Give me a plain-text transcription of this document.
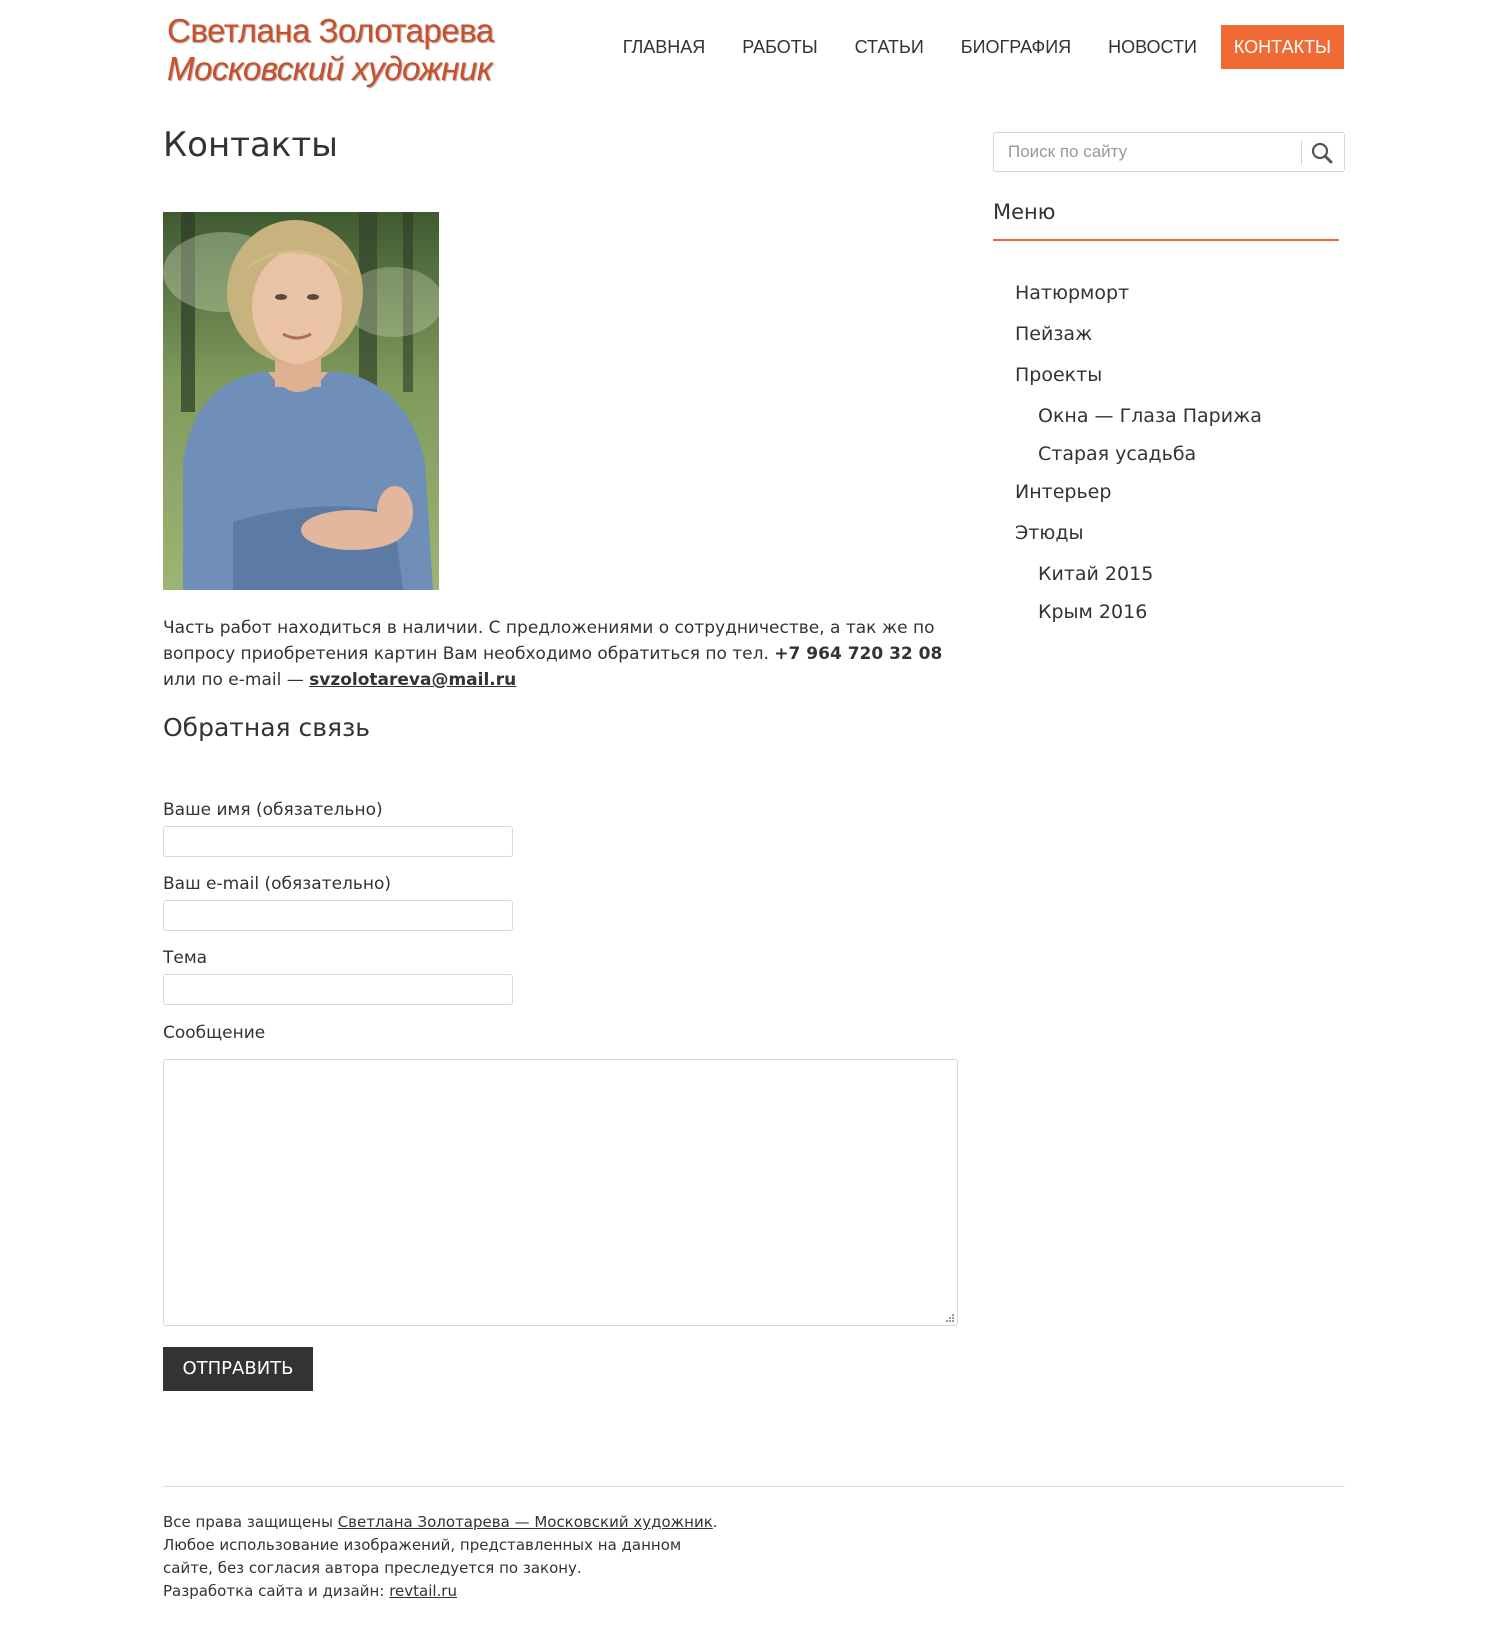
Светлана Золотарева
Московский художник
ГЛАВНАЯ	РАБОТЫ	СТАТЬИ	БИОГРАФИЯ	НОВОСТИ	КОНТАКТЫ
Контакты
Часть работ находиться в наличии. С предложениями о сотрудничестве, а так же по вопросу приобретения картин Вам необходимо обратиться по тел. +7 964 720 32 08 или по e-mail — svzolotareva@mail.ru
Обратная связь
Ваше имя (обязательно)
Ваш e-mail (обязательно)
Тема
Сообщение
ОТПРАВИТЬ
Поиск по сайту
Меню
Натюрморт
Пейзаж
Проекты
Окна — Глаза Парижа
Старая усадьба
Интерьер
Этюды
Китай 2015
Крым 2016
Все права защищены Светлана Золотарева — Московский художник.
Любое использование изображений, представленных на данном сайте, без согласия автора преследуется по закону.
Разработка сайта и дизайн: revtail.ru
